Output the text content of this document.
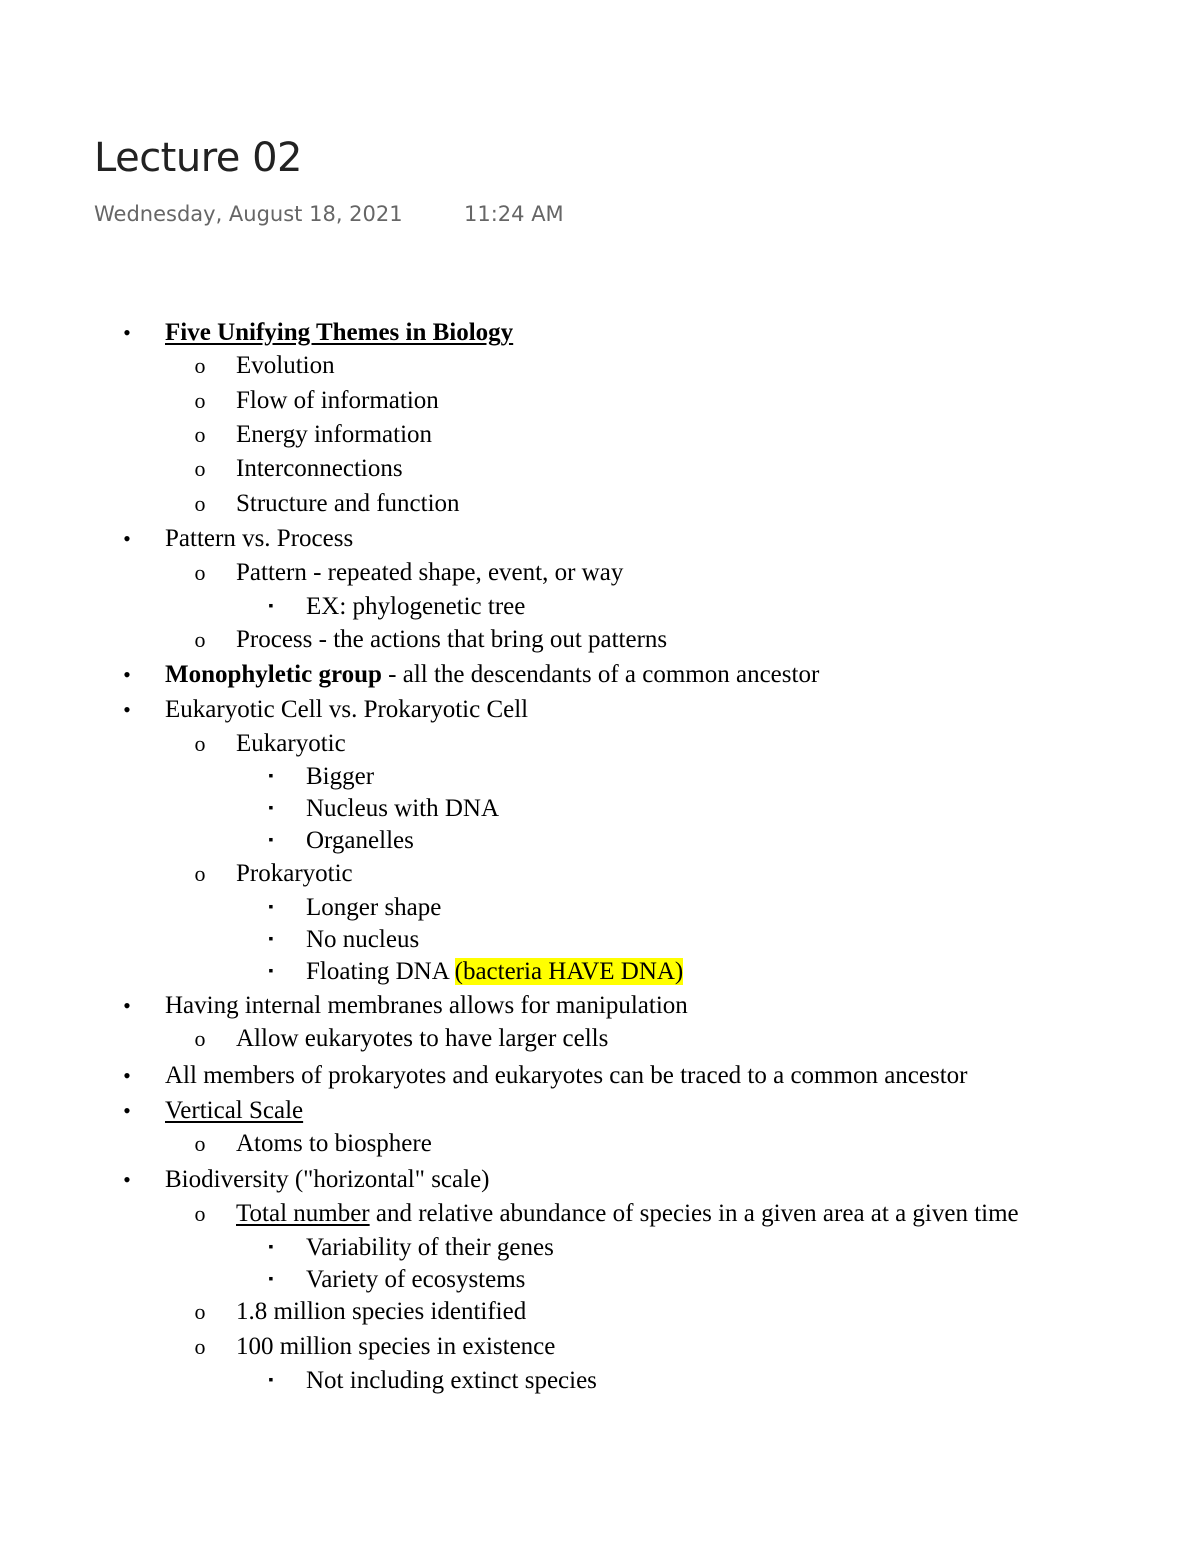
Lecture 02
Wednesday, August 18, 2021	11:24 AM
•	Five Unifying Themes in Biology
o	Evolution
o	Flow of information
o	Energy information
o	Interconnections
o	Structure and function
•	Pattern vs. Process
o	Pattern - repeated shape, event, or way
▪	EX: phylogenetic tree
o	Process - the actions that bring out patterns
•	Monophyletic group - all the descendants of a common ancestor
•	Eukaryotic Cell vs. Prokaryotic Cell
o	Eukaryotic
▪	Bigger
▪	Nucleus with DNA
▪	Organelles
o	Prokaryotic
▪	Longer shape
▪	No nucleus
▪	Floating DNA (bacteria HAVE DNA)
•	Having internal membranes allows for manipulation
o	Allow eukaryotes to have larger cells
•	All members of prokaryotes and eukaryotes can be traced to a common ancestor
•	Vertical Scale
o	Atoms to biosphere
•	Biodiversity ("horizontal" scale)
o	Total number and relative abundance of species in a given area at a given time
▪	Variability of their genes
▪	Variety of ecosystems
o	1.8 million species identified
o	100 million species in existence
▪	Not including extinct species
